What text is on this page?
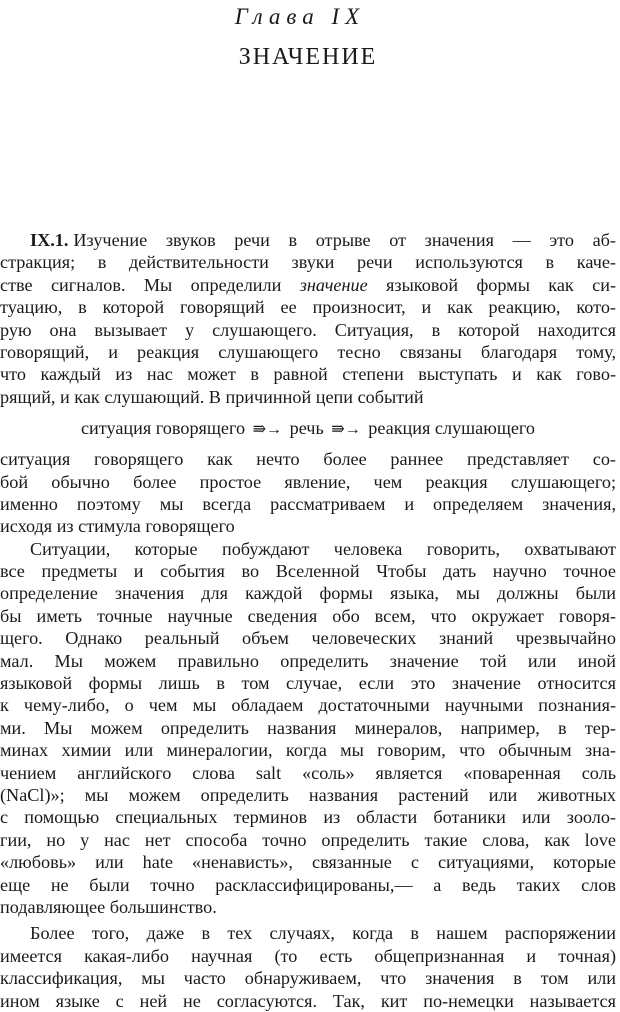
Глава IX
ЗНАЧЕНИЕ
IX.1. Изучение звуков речи в отрыве от значения — это аб-
стракция; в действительности звуки речи используются в каче-
стве сигналов. Мы определили значение языковой формы как си-
туацию, в которой говорящий ее произносит, и как реакцию, кото-
рую она вызывает у слушающего. Ситуация, в которой находится
говорящий, и реакция слушающего тесно связаны благодаря тому,
что каждый из нас может в равной степени выступать и как гово-
рящий, и как слушающий. В причинной цепи событий
ситуация говорящего ⇛→ речь ⇛→ реакция слушающего
ситуация говорящего как нечто более раннее представляет со-
бой обычно более простое явление, чем реакция слушающего;
именно поэтому мы всегда рассматриваем и определяем значения,
исходя из стимула говорящего
Ситуации, которые побуждают человека говорить, охватывают
все предметы и события во Вселенной Чтобы дать научно точное
определение значения для каждой формы языка, мы должны были
бы иметь точные научные сведения обо всем, что окружает говоря-
щего. Однако реальный объем человеческих знаний чрезвычайно
мал. Мы можем правильно определить значение той или иной
языковой формы лишь в том случае, если это значение относится
к чему-либо, о чем мы обладаем достаточными научными познания-
ми. Мы можем определить названия минералов, например, в тер-
минах химии или минералогии, когда мы говорим, что обычным зна-
чением английского слова salt «соль» является «поваренная соль
(NaCl)»; мы можем определить названия растений или животных
с помощью специальных терминов из области ботаники или зооло-
гии, но у нас нет способа точно определить такие слова, как love
«любовь» или hate «ненависть», связанные с ситуациями, которые
еще не были точно расклассифицированы,— а ведь таких слов
подавляющее большинство.
Более того, даже в тех случаях, когда в нашем распоряжении
имеется какая-либо научная (то есть общепризнанная и точная)
классификация, мы часто обнаруживаем, что значения в том или
ином языке с ней не согласуются. Так, кит по-немецки называется
